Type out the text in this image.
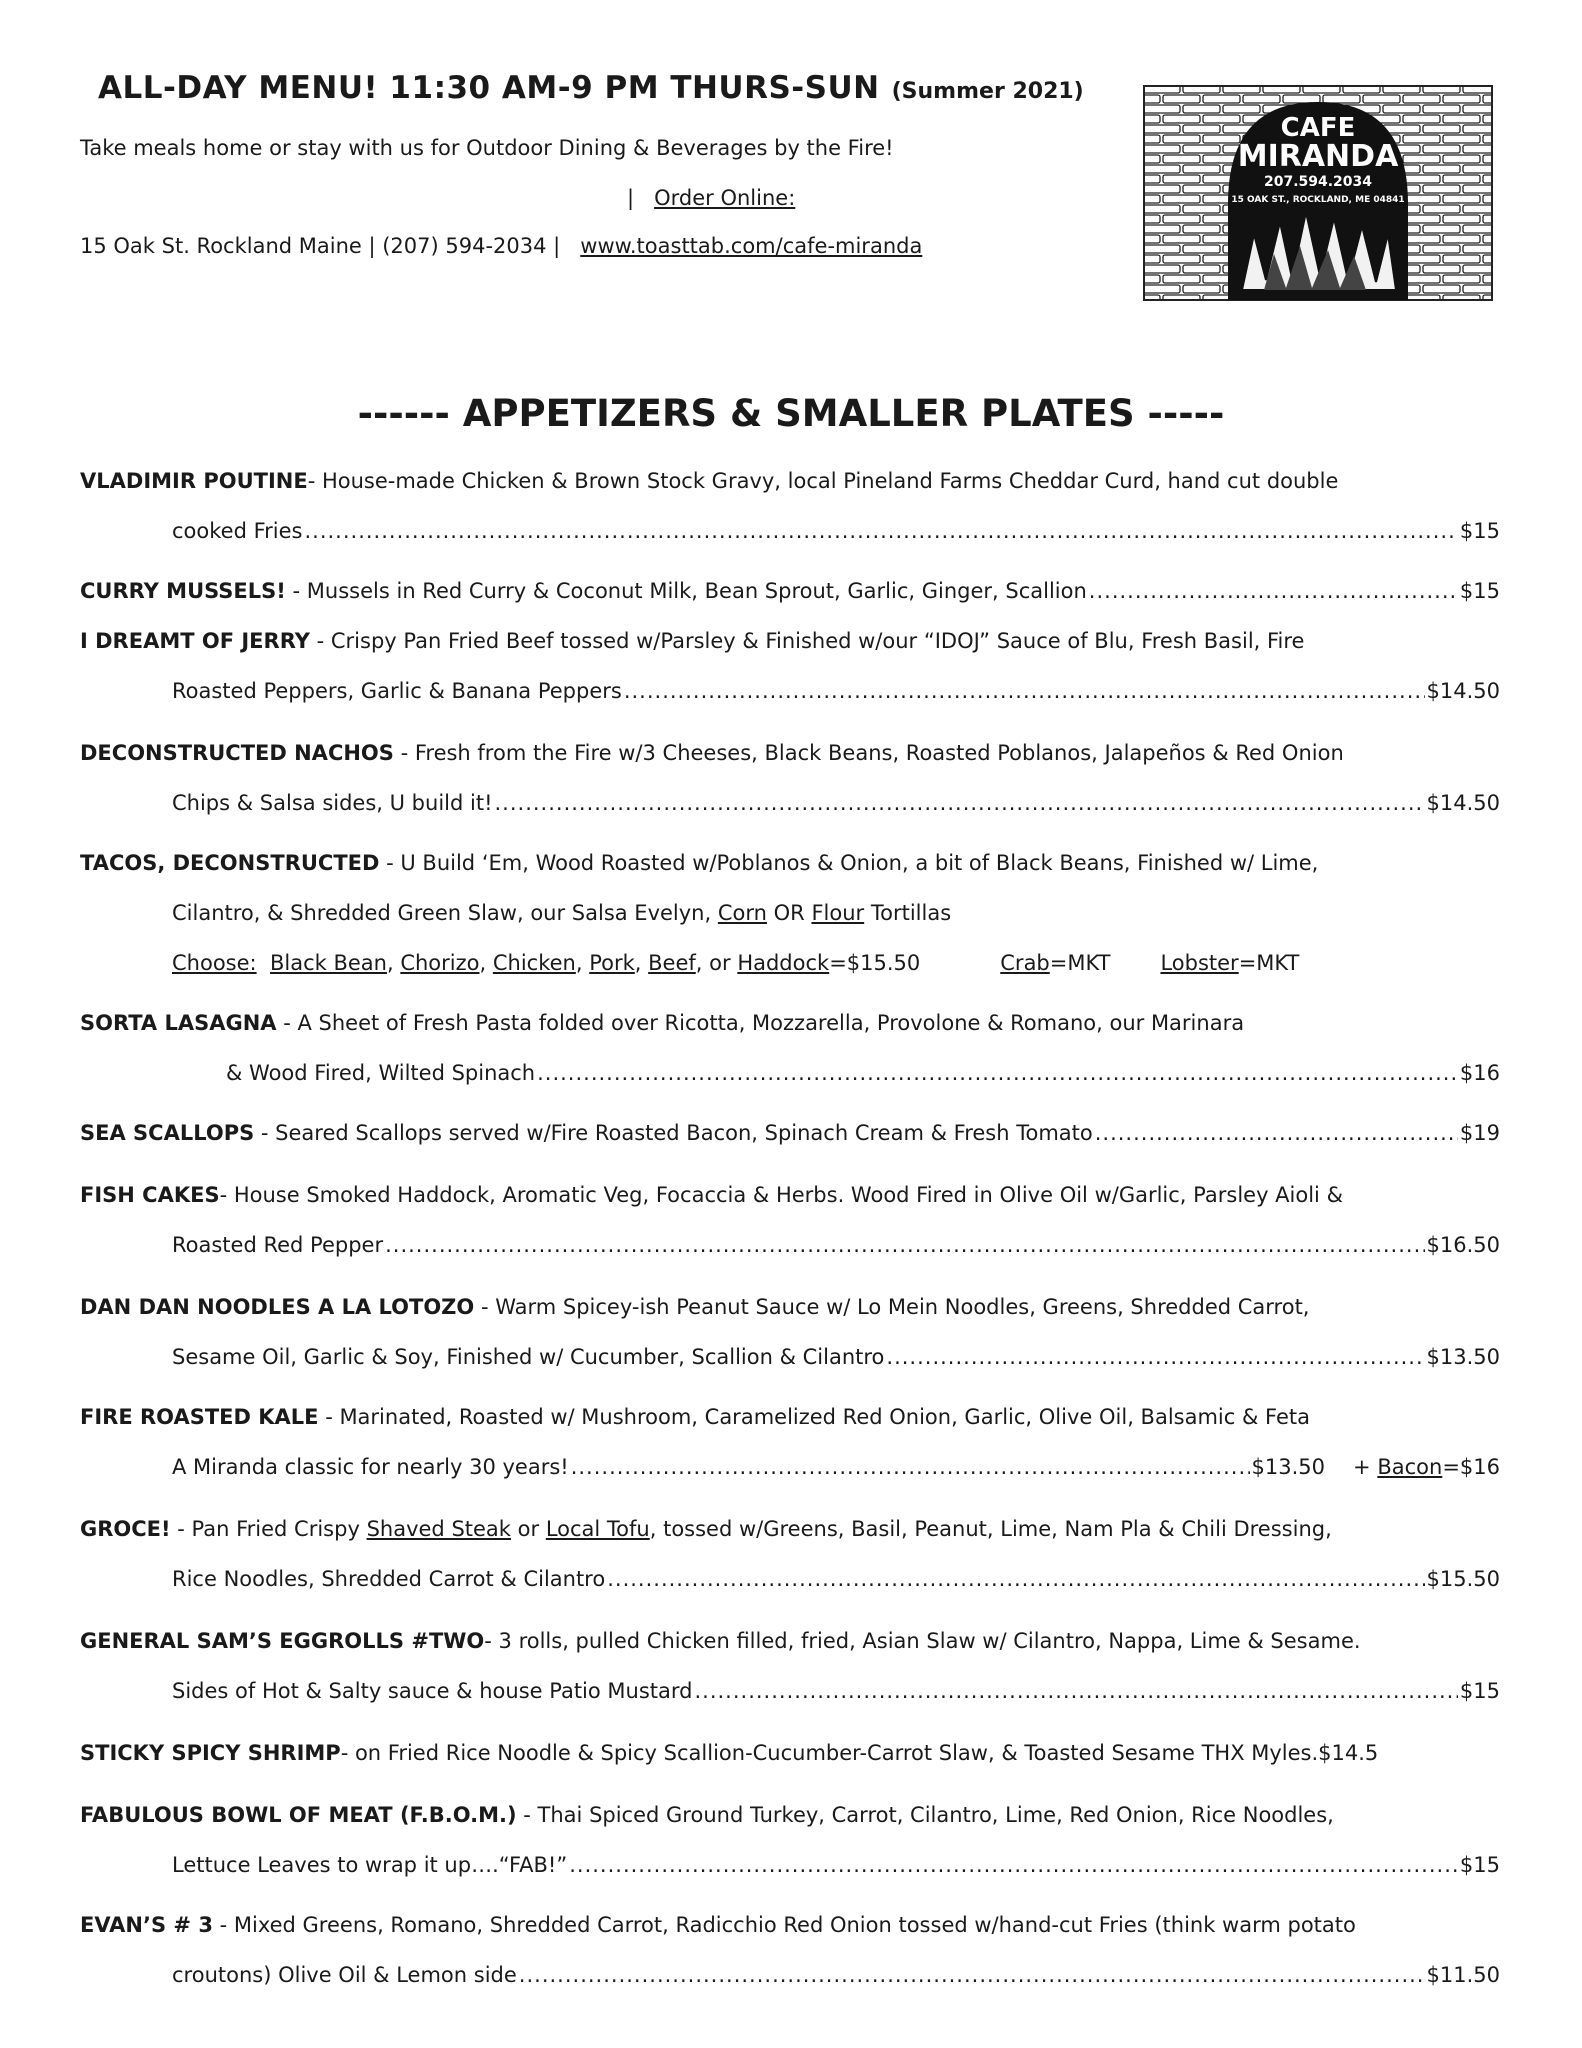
ALL-DAY MENU! 11:30 AM-9 PM THURS-SUN (Summer 2021)
Take meals home or stay with us for Outdoor Dining & Beverages by the Fire!
| Order Online:
15 Oak St. Rockland Maine | (207) 594-2034 | www.toasttab.com/cafe-miranda
CAFE
MIRANDA
207.594.2034
15 OAK ST., ROCKLAND, ME 04841
------ APPETIZERS & SMALLER PLATES -----
VLADIMIR POUTINE - House-made Chicken & Brown Stock Gravy, local Pineland Farms Cheddar Curd, hand cut double
cooked Fries .....	$15
CURRY MUSSELS!
- Mussels in Red Curry & Coconut Milk, Bean Sprout, Garlic, Ginger, Scallion .....	$15
I DREAMT OF JERRY
- Crispy Pan Fried Beef tossed w/Parsley & Finished w/our “IDOJ” Sauce of Blu, Fresh Basil, Fire
Roasted Peppers, Garlic & Banana Peppers .....	$14.50
DECONSTRUCTED NACHOS
- Fresh from the Fire w/3 Cheeses, Black Beans, Roasted Poblanos, Jalapeños & Red Onion
Chips & Salsa sides, U build it! .....	$14.50
TACOS, DECONSTRUCTED
- U Build ‘Em, Wood Roasted w/Poblanos & Onion, a bit of Black Beans, Finished w/ Lime,
Cilantro, & Shredded Green Slaw, our Salsa Evelyn,
Corn
OR
Flour
Tortillas
Choose:
Black Bean , Chorizo , Chicken , Pork , Beef , or
Haddock =$15.50	Crab =MKT Lobster =MKT
SORTA LASAGNA
- A Sheet of Fresh Pasta folded over Ricotta, Mozzarella, Provolone & Romano, our Marinara
& Wood Fired, Wilted Spinach .....	$16
SEA SCALLOPS
- Seared Scallops served w/Fire Roasted Bacon, Spinach Cream & Fresh Tomato .....	$19
FISH CAKES - House Smoked Haddock, Aromatic Veg, Focaccia & Herbs. Wood Fired in Olive Oil w/Garlic, Parsley Aioli &
Roasted Red Pepper .....	$16.50
DAN DAN NOODLES A LA LOTOZO
- Warm Spicey-ish Peanut Sauce w/ Lo Mein Noodles, Greens, Shredded Carrot,
Sesame Oil, Garlic & Soy, Finished w/ Cucumber, Scallion & Cilantro .....	$13.50
FIRE ROASTED KALE
- Marinated, Roasted w/ Mushroom, Caramelized Red Onion, Garlic, Olive Oil, Balsamic & Feta
A Miranda classic for nearly 30 years! .....	$13.50 +
Bacon =$16
GROCE!
- Pan Fried Crispy
Shaved Steak
or
Local Tofu , tossed w/Greens, Basil, Peanut, Lime, Nam Pla & Chili Dressing,
Rice Noodles, Shredded Carrot & Cilantro .....	$15.50
GENERAL SAM’S EGGROLLS #TWO - 3 rolls, pulled Chicken filled, fried, Asian Slaw w/ Cilantro, Nappa, Lime & Sesame.
Sides of Hot & Salty sauce & house Patio Mustard .....	$15
STICKY SPICY SHRIMP - on Fried Rice Noodle & Spicy Scallion-Cucumber-Carrot Slaw, & Toasted Sesame THX Myles. $14.5
FABULOUS BOWL OF MEAT (F.B.O.M.)
- Thai Spiced Ground Turkey, Carrot, Cilantro, Lime, Red Onion, Rice Noodles,
Lettuce Leaves to wrap it up….“FAB!” .....	$15
EVAN’S # 3
- Mixed Greens, Romano, Shredded Carrot, Radicchio Red Onion tossed w/hand-cut Fries (think warm potato
croutons) Olive Oil & Lemon side .....	$11.50
